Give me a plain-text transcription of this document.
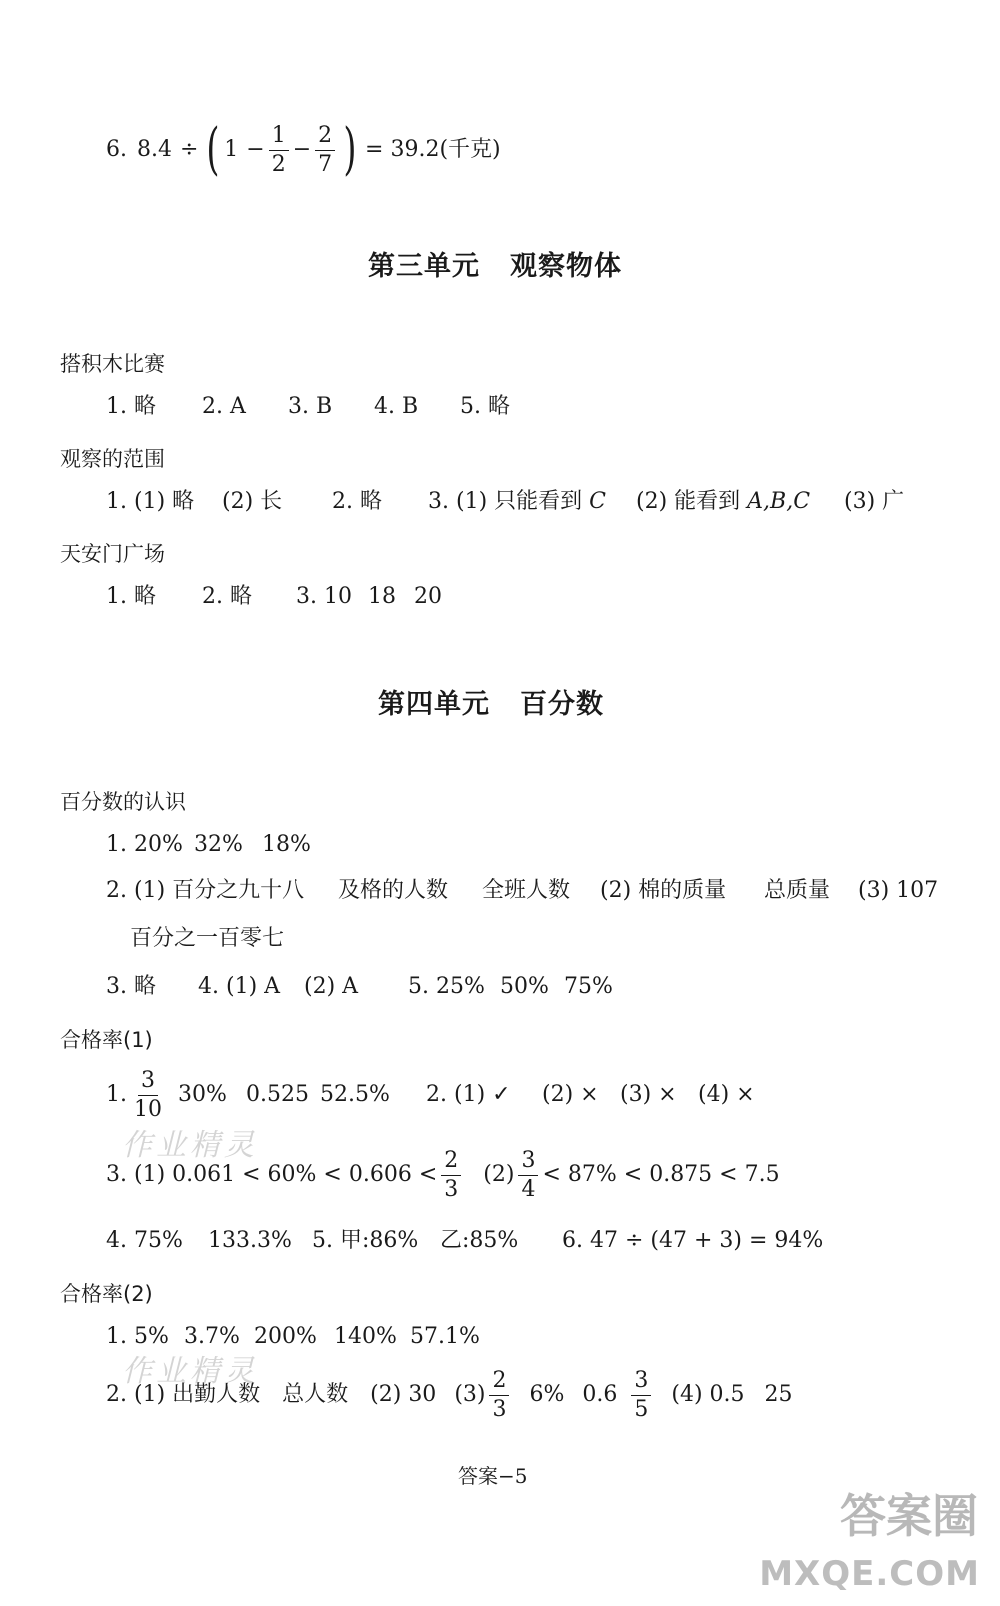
6. 8.4 ÷ ( $1 - \frac{1}{2} - \frac{2}{7}$ ) = 39.2(千克)
第三单元 观察物体
搭积木比赛
1. 略 2. A 3. B 4. B 5. 略
观察的范围
1. (1) 略 (2) 长 2. 略 3. (1) 只能看到 C (2) 能看到 A,B,C (3) 广
天安门广场
1. 略 2. 略 3. 10 18 20
第四单元 百分数
百分数的认识
1. 20% 32% 18%
2. (1) 百分之九十八 及格的人数 全班人数 (2) 棉的质量 总质量 (3) 107
百分之一百零七
3. 略 4. (1) A (2) A 5. 25% 50% 75%
合格率(1)
1. $\frac{3}{10} 30\%$ 0.525 52.5% 2. (1) ✓ (2) × (3) × (4) ×
3. (1) $0.061 < 60\% < 0.606 < \frac{2}{3} (2) \frac{3}{4} < 87\% < 0.875 < 7.5$
4. 75% 133.3% 5. 甲:86% 乙:85% 6. 47 ÷ (47 + 3) = 94%
合格率(2)
1. 5% 3.7% 200% 140% 57.1%
2. (1) 出勤人数 总人数 (2) 30 $(3) \frac{2}{3} 6\%$ $0.6 \frac{3}{5} (4)$ 0.5 25
作业精灵
作业精灵
答案−5
答案圈
MXQE.COM
